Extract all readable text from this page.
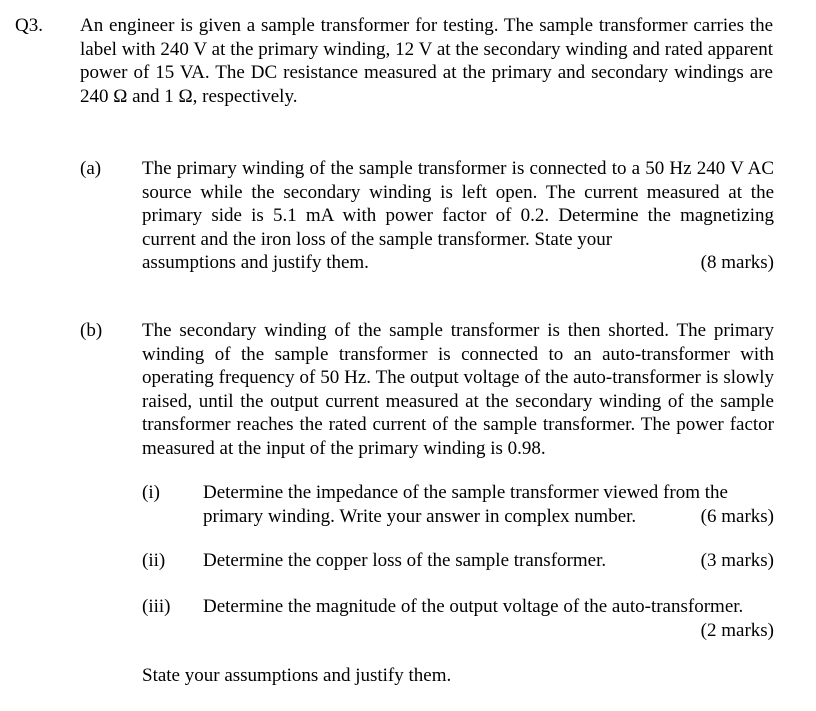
Q3. An engineer is given a sample transformer for testing. The sample transformer carries the label with 240 V at the primary winding, 12 V at the secondary winding and rated apparent power of 15 VA. The DC resistance measured at the primary and secondary windings are 240 Ω and 1 Ω, respectively.
(a) The primary winding of the sample transformer is connected to a 50 Hz 240 V AC source while the secondary winding is left open. The current measured at the primary side is 5.1 mA with power factor of 0.2. Determine the magnetizing current and the iron loss of the sample transformer. State your
assumptions and justify them.	(8 marks)
(b) The secondary winding of the sample transformer is then shorted. The primary winding of the sample transformer is connected to an auto-transformer with operating frequency of 50 Hz. The output voltage of the auto-transformer is slowly raised, until the output current measured at the secondary winding of the sample transformer reaches the rated current of the sample transformer. The power factor measured at the input of the primary winding is 0.98.
(i) Determine the impedance of the sample transformer viewed from the
primary winding. Write your answer in complex number.	(6 marks)
(ii) Determine the copper loss of the sample transformer.	(3 marks)
(iii) Determine the magnitude of the output voltage of the auto-transformer.
(2 marks)
State your assumptions and justify them.
